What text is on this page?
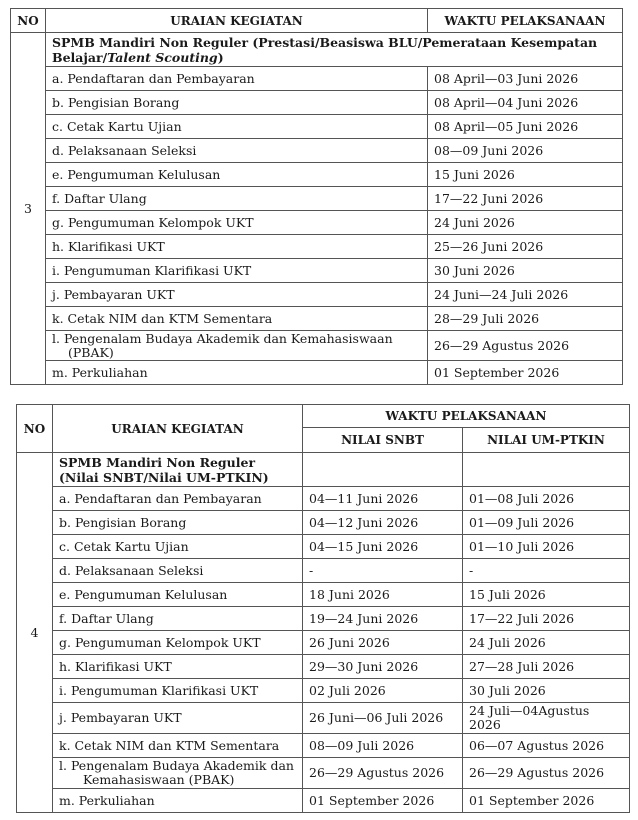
NO	URAIAN KEGIATAN	WAKTU PELAKSANAAN
3	SPMB Mandiri Non Reguler (Prestasi/Beasiswa BLU/Pemerataan Kesempatan Belajar/Talent Scouting)	
	a. Pendaftaran dan Pembayaran	08 April—03 Juni 2026
	b. Pengisian Borang	08 April—04 Juni 2026
	c. Cetak Kartu Ujian	08 April—05 Juni 2026
	d. Pelaksanaan Seleksi	08—09 Juni 2026
	e. Pengumuman Kelulusan	15 Juni 2026
	f. Daftar Ulang	17—22 Juni 2026
	g. Pengumuman Kelompok UKT	24 Juni 2026
	h. Klarifikasi UKT	25—26 Juni 2026
	i. Pengumuman Klarifikasi UKT	30 Juni 2026
	j. Pembayaran UKT	24 Juni—24 Juli 2026
	k. Cetak NIM dan KTM Sementara	28—29 Juli 2026
	l. Pengenalam Budaya Akademik dan Kemahasiswaan (PBAK)	26—29 Agustus 2026
	m. Perkuliahan	01 September 2026
NO	URAIAN KEGIATAN	WAKTU PELAKSANAAN	
		NILAI SNBT	NILAI UM-PTKIN
4	SPMB Mandiri Non Reguler (Nilai SNBT/Nilai UM-PTKIN)		
	a. Pendaftaran dan Pembayaran	04—11 Juni 2026	01—08 Juli 2026
	b. Pengisian Borang	04—12 Juni 2026	01—09 Juli 2026
	c. Cetak Kartu Ujian	04—15 Juni 2026	01—10 Juli 2026
	d. Pelaksanaan Seleksi	-	-
	e. Pengumuman Kelulusan	18 Juni 2026	15 Juli 2026
	f. Daftar Ulang	19—24 Juni 2026	17—22 Juli 2026
	g. Pengumuman Kelompok UKT	26 Juni 2026	24 Juli 2026
	h. Klarifikasi UKT	29—30 Juni 2026	27—28 Juli 2026
	i. Pengumuman Klarifikasi UKT	02 Juli 2026	30 Juli 2026
	j. Pembayaran UKT	26 Juni—06 Juli 2026	24 Juli—04Agustus 2026
	k. Cetak NIM dan KTM Sementara	08—09 Juli 2026	06—07 Agustus 2026
	l. Pengenalam Budaya Akademik dan Kemahasiswaan (PBAK)	26—29 Agustus 2026	26—29 Agustus 2026
	m. Perkuliahan	01 September 2026	01 September 2026
